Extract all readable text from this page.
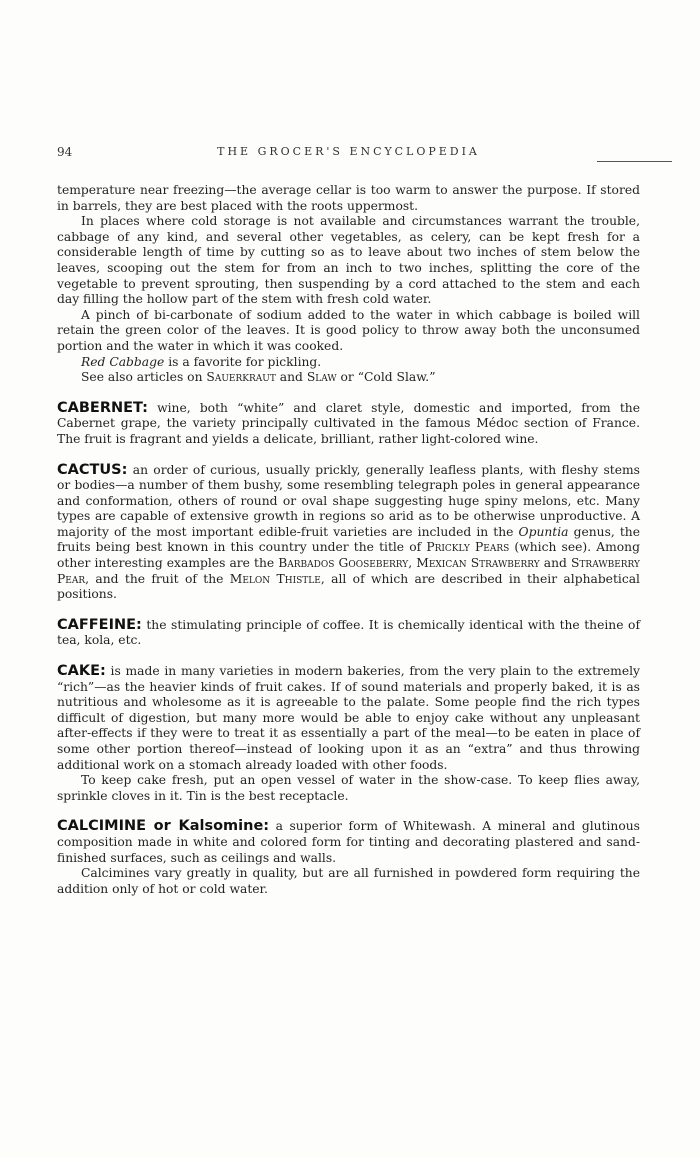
94	THE GROCER'S ENCYCLOPEDIA

temperature near freezing—the average cellar is too warm to answer the purpose. If stored in barrels, they are best placed with the roots uppermost.

In places where cold storage is not available and circumstances warrant the trouble, cabbage of any kind, and several other vegetables, as celery, can be kept fresh for a considerable length of time by cutting so as to leave about two inches of stem below the leaves, scooping out the stem for from an inch to two inches, splitting the core of the vegetable to prevent sprouting, then suspending by a cord attached to the stem and each day filling the hollow part of the stem with fresh cold water.

A pinch of bi-carbonate of sodium added to the water in which cabbage is boiled will retain the green color of the leaves. It is good policy to throw away both the unconsumed portion and the water in which it was cooked.

Red Cabbage is a favorite for pickling.

See also articles on Sauerkraut and Slaw or “Cold Slaw.”

CABERNET: wine, both “white” and claret style, domestic and imported, from the Cabernet grape, the variety principally cultivated in the famous Médoc section of France. The fruit is fragrant and yields a delicate, brilliant, rather light-colored wine.

CACTUS: an order of curious, usually prickly, generally leafless plants, with fleshy stems or bodies—a number of them bushy, some resembling telegraph poles in general appearance and conformation, others of round or oval shape suggesting huge spiny melons, etc. Many types are capable of extensive growth in regions so arid as to be otherwise unproductive. A majority of the most important edible-fruit varieties are included in the Opuntia genus, the fruits being best known in this country under the title of Prickly Pears (which see). Among other interesting examples are the Barbados Gooseberry, Mexican Strawberry and Strawberry Pear, and the fruit of the Melon Thistle, all of which are described in their alphabetical positions.

CAFFEINE: the stimulating principle of coffee. It is chemically identical with the theine of tea, kola, etc.

CAKE: is made in many varieties in modern bakeries, from the very plain to the extremely “rich”—as the heavier kinds of fruit cakes. If of sound materials and properly baked, it is as nutritious and wholesome as it is agreeable to the palate. Some people find the rich types difficult of digestion, but many more would be able to enjoy cake without any unpleasant after-effects if they were to treat it as essentially a part of the meal—to be eaten in place of some other portion thereof—instead of looking upon it as an “extra” and thus throwing additional work on a stomach already loaded with other foods.

To keep cake fresh, put an open vessel of water in the show-case. To keep flies away, sprinkle cloves in it. Tin is the best receptacle.

CALCIMINE or Kalsomine: a superior form of Whitewash. A mineral and glutinous composition made in white and colored form for tinting and decorating plastered and sand-finished surfaces, such as ceilings and walls.

Calcimines vary greatly in quality, but are all furnished in powdered form requiring the addition only of hot or cold water.
